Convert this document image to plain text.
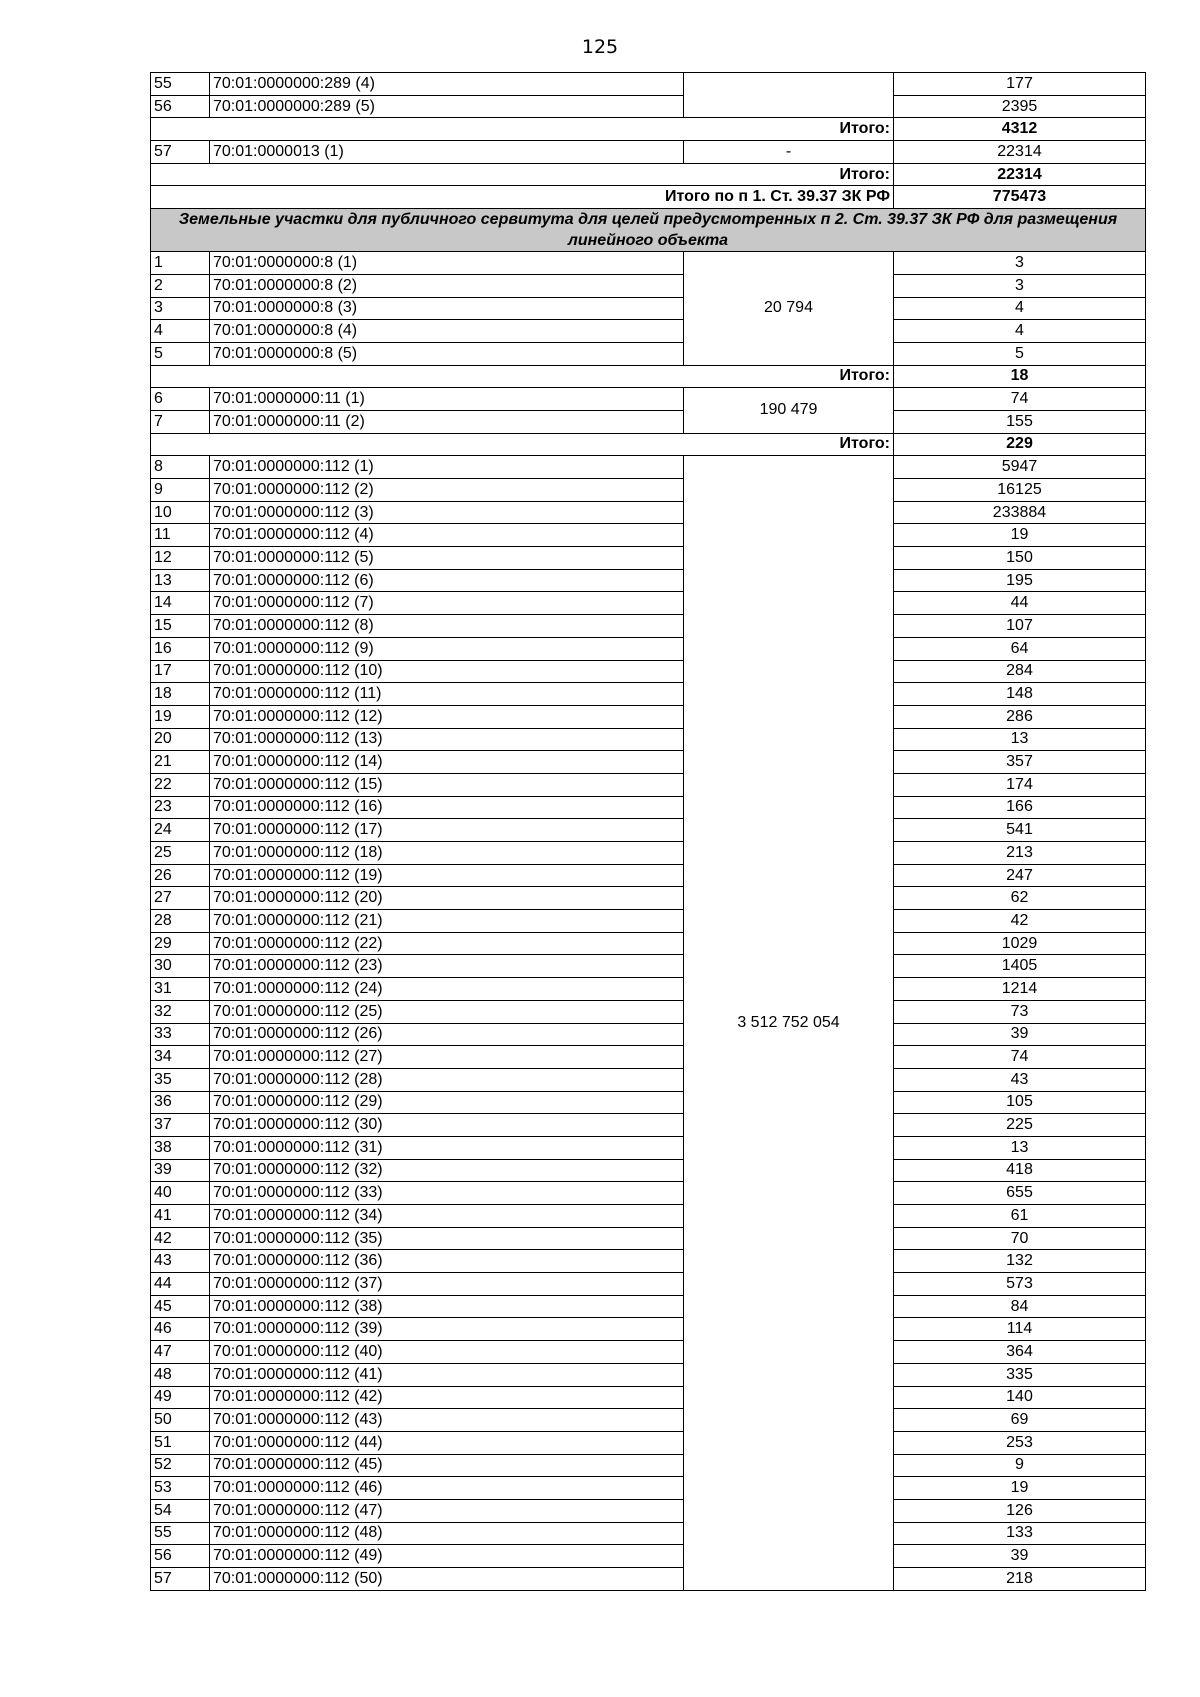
125
55	70:01:0000000:289 (4)		177
56	70:01:0000000:289 (5)		2395
Итого:			4312
57	70:01:0000013 (1)	-	22314
Итого:			22314
Итого по п 1. Ст. 39.37 ЗК РФ			775473
Земельные участки для публичного сервитута для целей предусмотренных п 2. Ст. 39.37 ЗК РФ для размещения линейного объекта			
1	70:01:0000000:8 (1)	20 794	3
2	70:01:0000000:8 (2)		3
3	70:01:0000000:8 (3)		4
4	70:01:0000000:8 (4)		4
5	70:01:0000000:8 (5)		5
Итого:			18
6	70:01:0000000:11 (1)	190 479	74
7	70:01:0000000:11 (2)		155
Итого:			229
8	70:01:0000000:112 (1)	3 512 752 054	5947
9	70:01:0000000:112 (2)		16125
10	70:01:0000000:112 (3)		233884
11	70:01:0000000:112 (4)		19
12	70:01:0000000:112 (5)		150
13	70:01:0000000:112 (6)		195
14	70:01:0000000:112 (7)		44
15	70:01:0000000:112 (8)		107
16	70:01:0000000:112 (9)		64
17	70:01:0000000:112 (10)		284
18	70:01:0000000:112 (11)		148
19	70:01:0000000:112 (12)		286
20	70:01:0000000:112 (13)		13
21	70:01:0000000:112 (14)		357
22	70:01:0000000:112 (15)		174
23	70:01:0000000:112 (16)		166
24	70:01:0000000:112 (17)		541
25	70:01:0000000:112 (18)		213
26	70:01:0000000:112 (19)		247
27	70:01:0000000:112 (20)		62
28	70:01:0000000:112 (21)		42
29	70:01:0000000:112 (22)		1029
30	70:01:0000000:112 (23)		1405
31	70:01:0000000:112 (24)		1214
32	70:01:0000000:112 (25)		73
33	70:01:0000000:112 (26)		39
34	70:01:0000000:112 (27)		74
35	70:01:0000000:112 (28)		43
36	70:01:0000000:112 (29)		105
37	70:01:0000000:112 (30)		225
38	70:01:0000000:112 (31)		13
39	70:01:0000000:112 (32)		418
40	70:01:0000000:112 (33)		655
41	70:01:0000000:112 (34)		61
42	70:01:0000000:112 (35)		70
43	70:01:0000000:112 (36)		132
44	70:01:0000000:112 (37)		573
45	70:01:0000000:112 (38)		84
46	70:01:0000000:112 (39)		114
47	70:01:0000000:112 (40)		364
48	70:01:0000000:112 (41)		335
49	70:01:0000000:112 (42)		140
50	70:01:0000000:112 (43)		69
51	70:01:0000000:112 (44)		253
52	70:01:0000000:112 (45)		9
53	70:01:0000000:112 (46)		19
54	70:01:0000000:112 (47)		126
55	70:01:0000000:112 (48)		133
56	70:01:0000000:112 (49)		39
57	70:01:0000000:112 (50)		218
